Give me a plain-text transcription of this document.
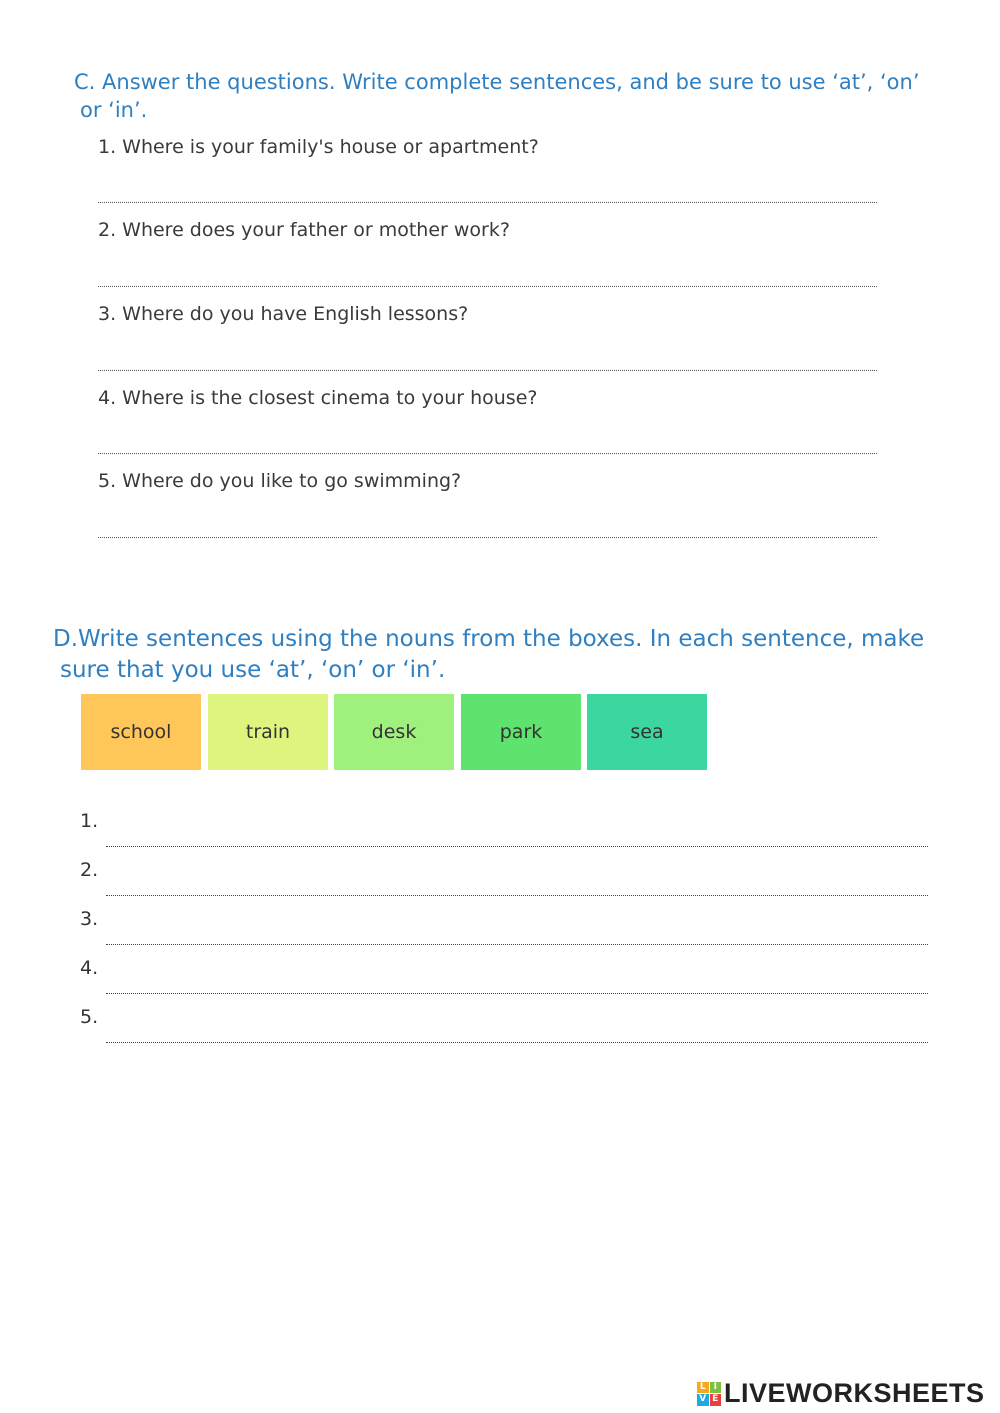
C. Answer the questions. Write complete sentences, and be sure to use ‘at’, ‘on’
or ‘in’.
1. Where is your family's house or apartment?
2. Where does your father or mother work?
3. Where do you have English lessons?
4. Where is the closest cinema to your house?
5. Where do you like to go swimming?
D.Write sentences using the nouns from the boxes. In each sentence, make
sure that you use ‘at’, ‘on’ or ‘in’.
school	train	desk	park	sea
1.
2.
3.
4.
5.
L I
V E LIVEWORKSHEETS
